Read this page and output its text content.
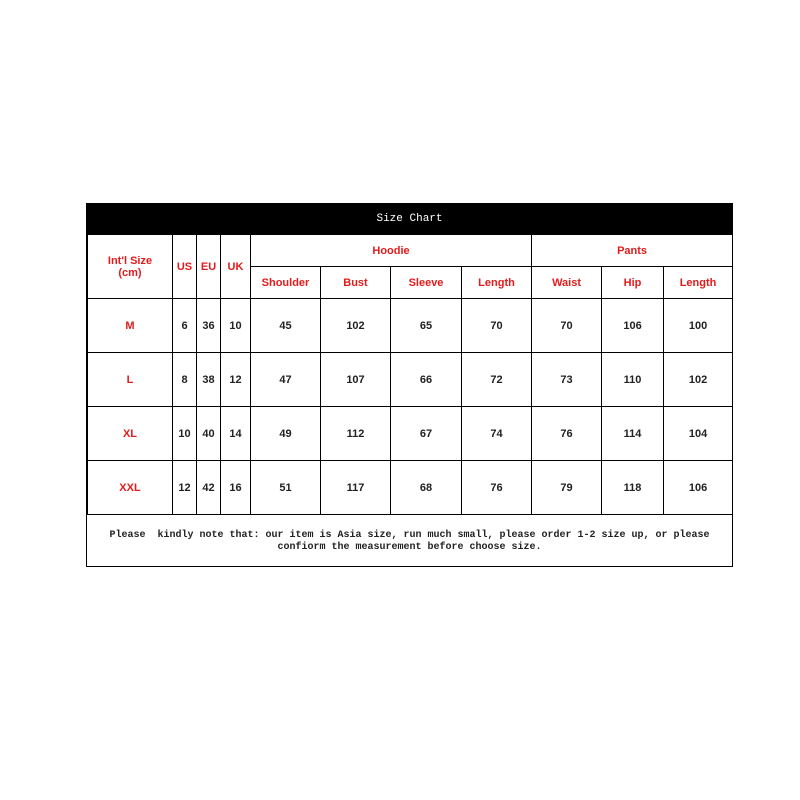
Size Chart
Int'l Size
(cm)	US	EU	UK	Hoodie				Pants		
				Shoulder	Bust	Sleeve	Length	Waist	Hip	Length
M	6	36	10	45	102	65	70	70	106	100
L	8	38	12	47	107	66	72	73	110	102
XL	10	40	14	49	112	67	74	76	114	104
XXL	12	42	16	51	117	68	76	79	118	106
Please  kindly note that: our item is Asia size, run much small, please order 1-2 size up, or please
confiorm the measurement before choose size.
